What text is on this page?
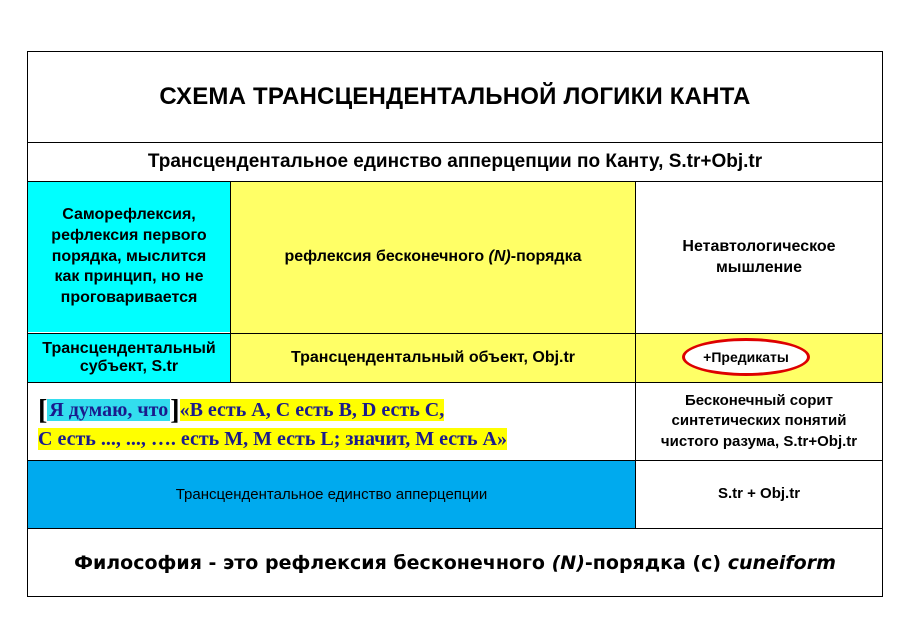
СХЕМА ТРАНСЦЕНДЕНТАЛЬНОЙ ЛОГИКИ КАНТА
Трансцендентальное единство апперцепции по Канту, S.tr+Obj.tr
Саморефлексия, рефлексия первого порядка, мыслится как принцип, но не проговаривается
рефлексия бесконечного (N)-порядка
Нетавтологическое мышление
Трансцендентальный субъект, S.tr
Трансцендентальный объект, Obj.tr	+Предикаты
[ Я думаю, что]«В есть А, С есть В, D есть С,
С есть ..., ..., …. есть М, М есть L; значит, М есть А»
Бесконечный сорит синтетических понятий чистого разума, S.tr+Obj.tr
Трансцендентальное единство апперцепции	S.tr + Obj.tr
Философия - это рефлексия бесконечного (N)-порядка (с) cuneiform
